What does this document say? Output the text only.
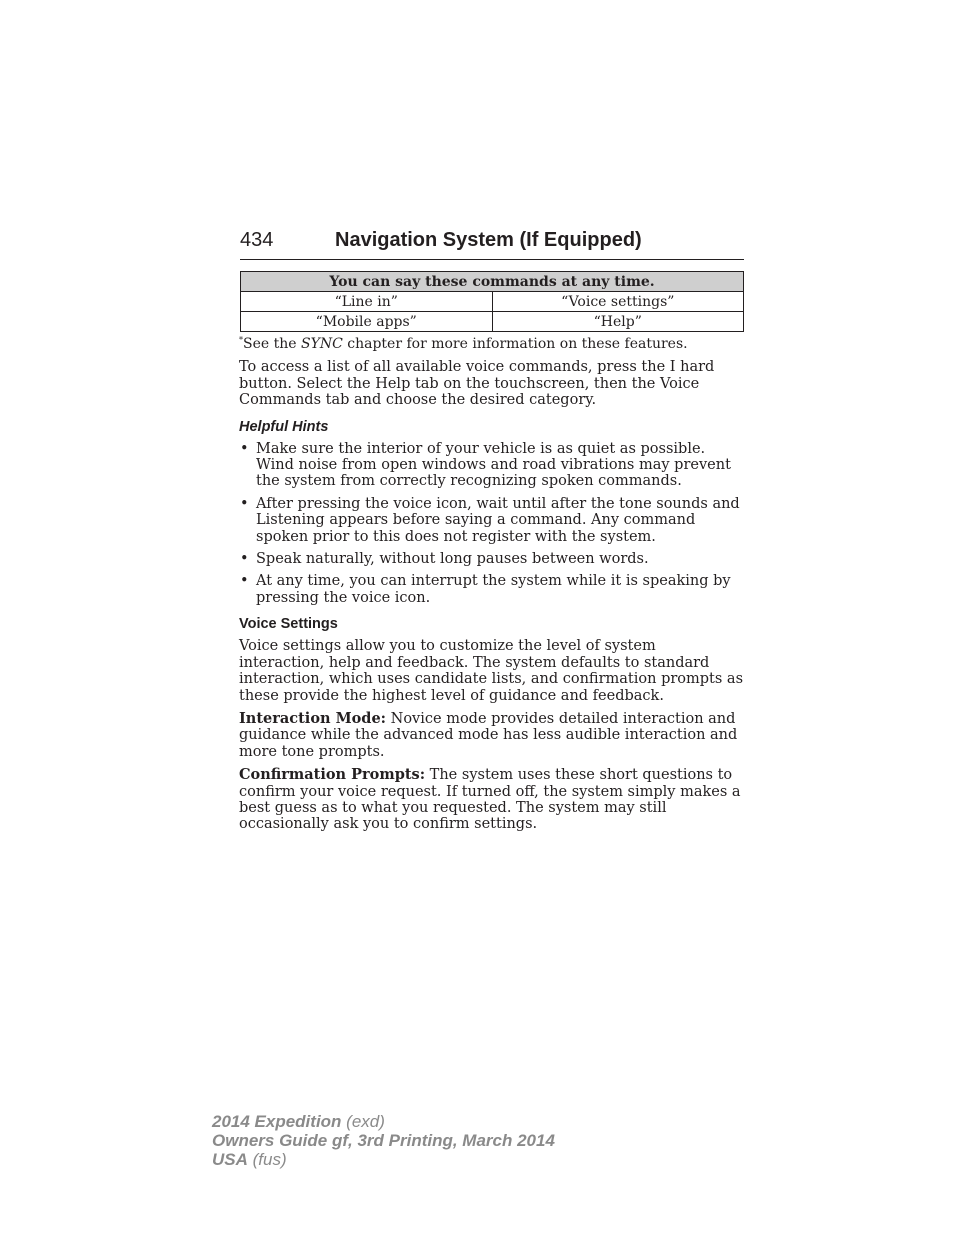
434	Navigation System (If Equipped)
You can say these commands at any time.	
“Line in”	“Voice settings”
“Mobile apps”	“Help”

*See the SYNC chapter for more information on these features.

To access a list of all available voice commands, press the I hard button. Select the Help tab on the touchscreen, then the Voice Commands tab and choose the desired category.

Helpful Hints
• Make sure the interior of your vehicle is as quiet as possible. Wind noise from open windows and road vibrations may prevent the system from correctly recognizing spoken commands.
• After pressing the voice icon, wait until after the tone sounds and Listening appears before saying a command. Any command spoken prior to this does not register with the system.
• Speak naturally, without long pauses between words.
• At any time, you can interrupt the system while it is speaking by pressing the voice icon.
Voice Settings

Voice settings allow you to customize the level of system interaction, help and feedback. The system defaults to standard interaction, which uses candidate lists, and confirmation prompts as these provide the highest level of guidance and feedback.

Interaction Mode: Novice mode provides detailed interaction and guidance while the advanced mode has less audible interaction and more tone prompts.

Confirmation Prompts: The system uses these short questions to confirm your voice request. If turned off, the system simply makes a best guess as to what you requested. The system may still occasionally ask you to confirm settings.

2014 Expedition (exd)
Owners Guide gf, 3rd Printing, March 2014
USA (fus)
